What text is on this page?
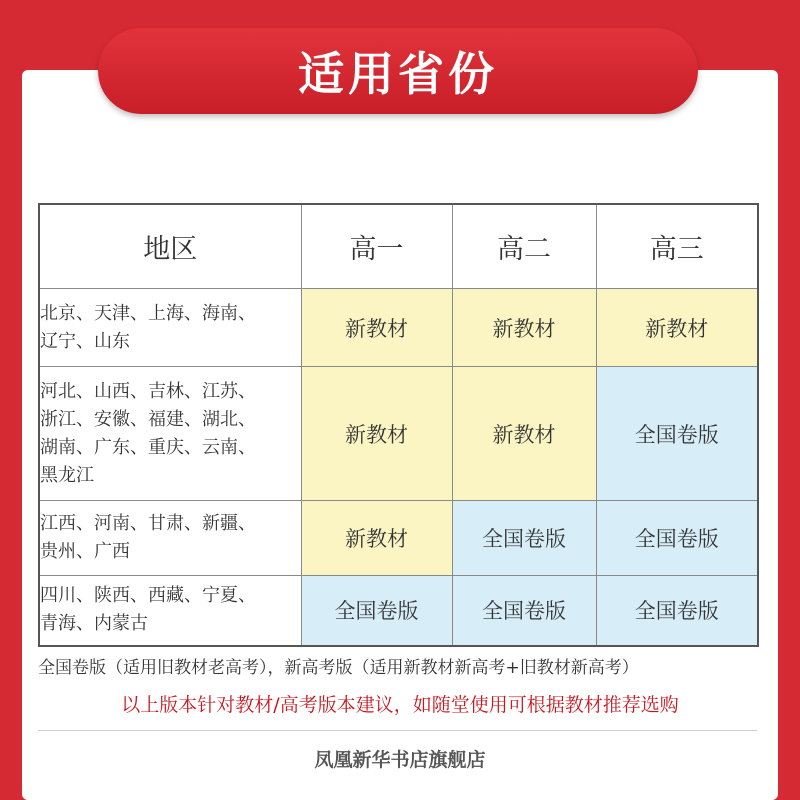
适用省份
地区	高一	高二	高三

北京、天津、上海、海南、
辽宁、山东	新教材	新教材	新教材

河北、山西、吉林、江苏、
浙江、安徽、福建、湖北、
湖南、广东、重庆、云南、
黑龙江	新教材	新教材	全国卷版

江西、河南、甘肃、新疆、
贵州、广西	新教材	全国卷版	全国卷版

四川、陕西、西藏、宁夏、
青海、内蒙古	全国卷版	全国卷版	全国卷版
全国卷版（适用旧教材老高考），新高考版（适用新教材新高考+旧教材新高考）
以上版本针对教材/高考版本建议，如随堂使用可根据教材推荐选购
凤凰新华书店旗舰店
